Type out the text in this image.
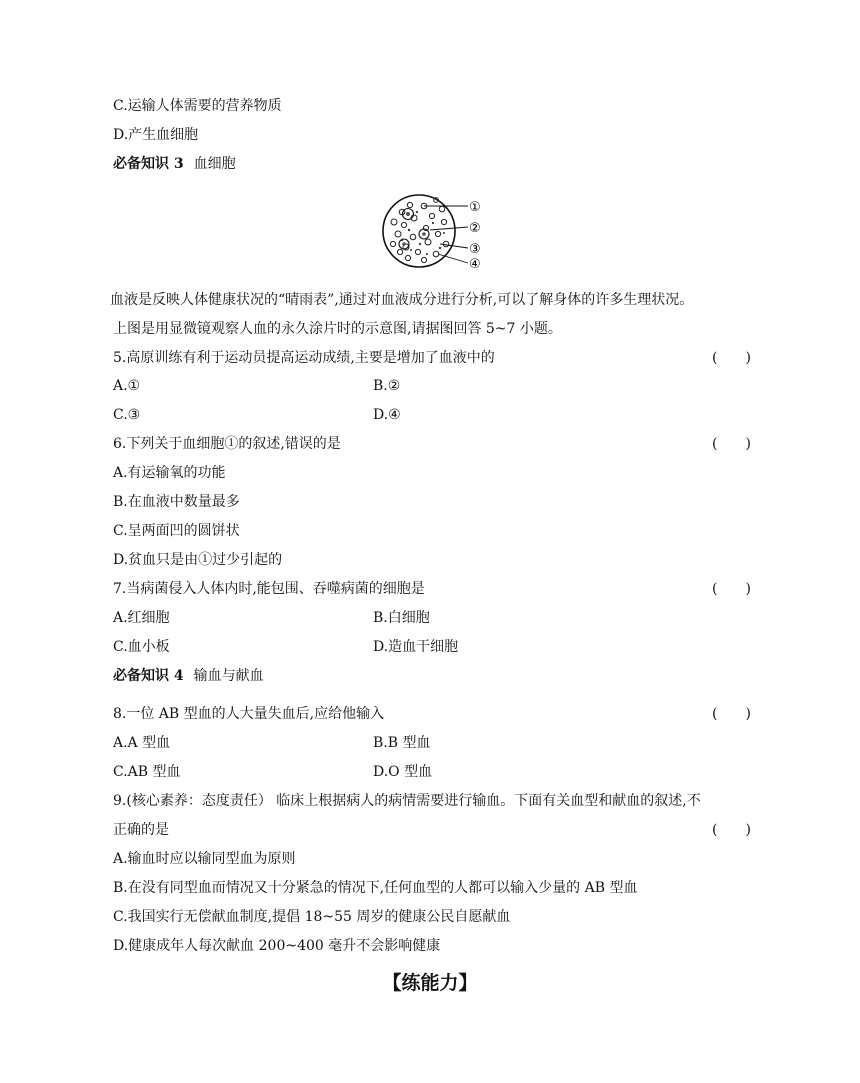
C.运输人体需要的营养物质
D.产生血细胞
必备知识 3 血细胞
①
②
③
④
血液是反映人体健康状况的“晴雨表”,通过对血液成分进行分析,可以了解身体的许多生理状况。
上图是用显微镜观察人血的永久涂片时的示意图,请据图回答 5~7 小题。
5.高原训练有利于运动员提高运动成绩,主要是增加了血液中的	(　　)
A.①	B.②
C.③	D.④
6.下列关于血细胞①的叙述,错误的是	(　　)
A.有运输氧的功能
B.在血液中数量最多
C.呈两面凹的圆饼状
D.贫血只是由①过少引起的
7.当病菌侵入人体内时,能包围、吞噬病菌的细胞是	(　　)
A.红细胞	B.白细胞
C.血小板	D.造血干细胞
必备知识 4 输血与献血
8.一位 AB 型血的人大量失血后,应给他输入	(　　)
A.A 型血	B.B 型血
C.AB 型血	D.O 型血
9.(核心素养：态度责任） 临床上根据病人的病情需要进行输血。下面有关血型和献血的叙述,不
正确的是	(　　)
A.输血时应以输同型血为原则
B.在没有同型血而情况又十分紧急的情况下,任何血型的人都可以输入少量的 AB 型血
C.我国实行无偿献血制度,提倡 18~55 周岁的健康公民自愿献血
D.健康成年人每次献血 200~400 毫升不会影响健康
【练能力】
